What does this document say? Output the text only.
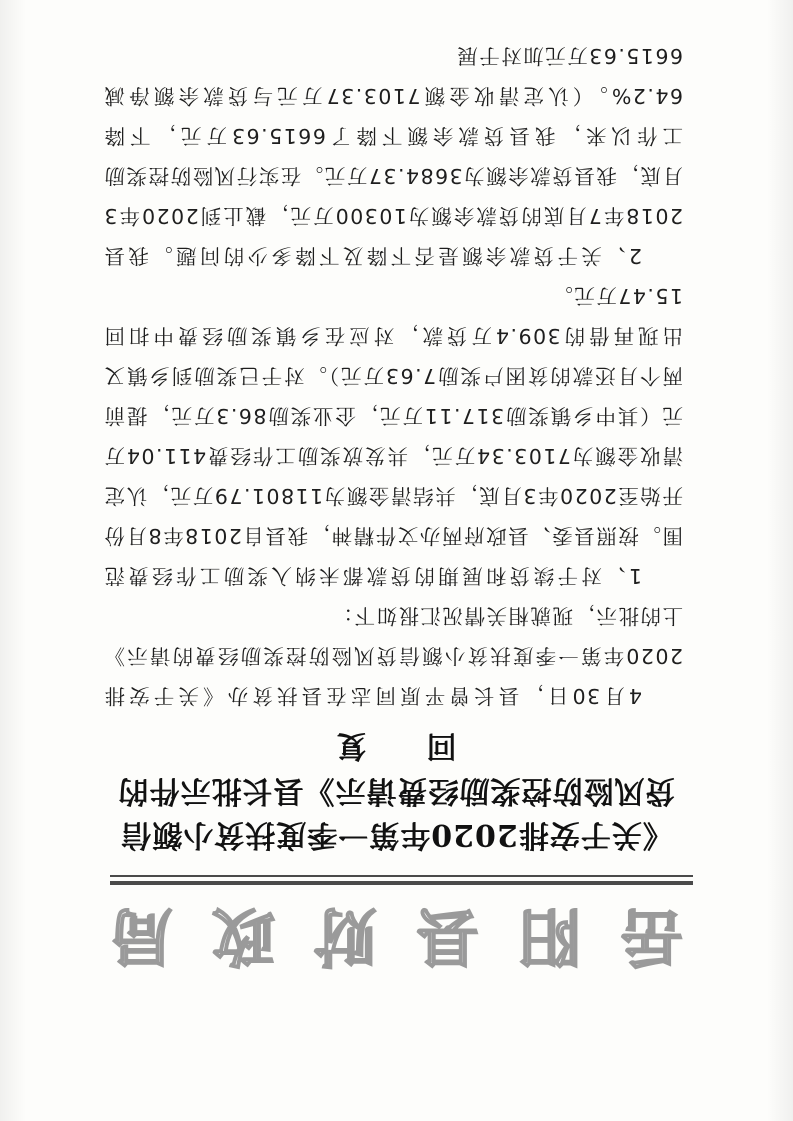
岳阳县财政局
《关于安排2020年第一季度扶贫小额信贷风险防控奖励经费请示》县长批示件的
回复

4月30日，县长曾平原同志在县扶贫办《关于安排2020年第一季度扶贫小额信贷风险防控奖励经费的请示》上的批示，现就相关情况汇报如下：

1、对于续贷和展期的贷款都未纳入奖励工作经费范围。按照县委、县政府两办文件精神，我县自2018年8月份开始至2020年3月底，共结清金额为11801.79万元，认定清收金额为7103.34万元，共发放奖励工作经费411.04万元（其中乡镇奖励317.11万元，企业奖励86.3万元，提前两个月还款的贫困户奖励7.63万元）。对于已奖励到乡镇又出现再借的309.4万贷款，对应在乡镇奖励经费中扣回15.47万元。

2、关于贷款余额是否下降及下降多少的问题。我县2018年7月底的贷款余额为10300万元，截止到2020年3月底，我县贷款余额为3684.37万元。在实行风险防控奖励工作以来，我县贷款余额下降了6615.63万元，下降64.2%。（认定清收金额7103.37万元与贷款余额净减6615.63万元加对于展
